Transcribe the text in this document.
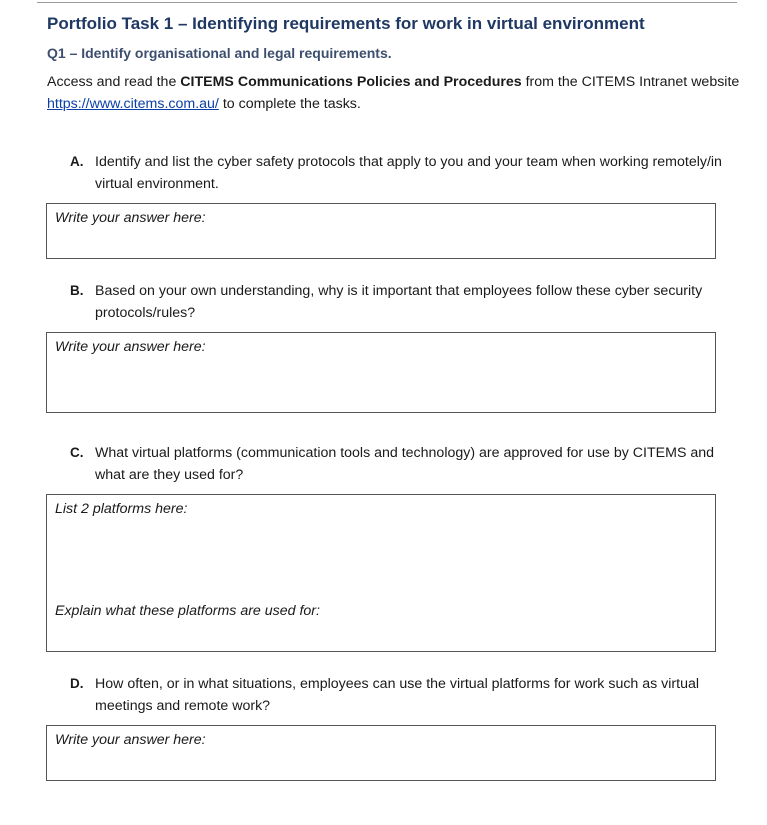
Portfolio Task 1 – Identifying requirements for work in virtual environment
Q1 – Identify organisational and legal requirements.
Access and read the CITEMS Communications Policies and Procedures from the CITEMS Intranet website
https://www.citems.com.au/ to complete the tasks.
A. Identify and list the cyber safety protocols that apply to you and your team when working remotely/in virtual environment.
Write your answer here:
B. Based on your own understanding, why is it important that employees follow these cyber security protocols/rules?
Write your answer here:
C. What virtual platforms (communication tools and technology) are approved for use by CITEMS and what are they used for?
List 2 platforms here:
Explain what these platforms are used for:
D. How often, or in what situations, employees can use the virtual platforms for work such as virtual meetings and remote work?
Write your answer here:
